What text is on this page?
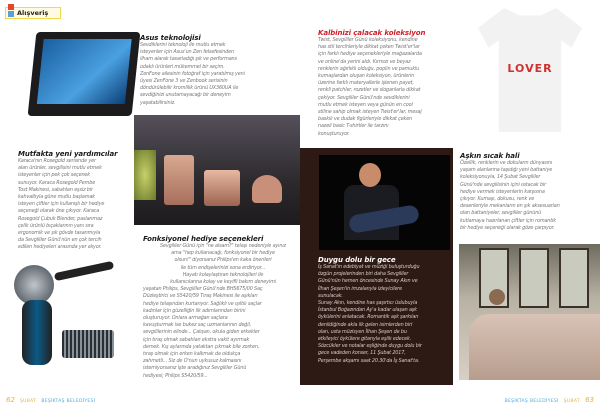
Alışveriş
Asus teknolojisi
Sevdiklerini teknoloji ile mutlu etmek
isteyenler için Asus'un Zen felsefesinden
ilham alarak tasarladığı şık ve performans
odaklı ürünleri mükemmel bir seçim.
ZenFone ailesinin fotoğraf için yaratılmış yeni
üyesi ZenFone 3 ve Zenbook serisinin
döndürülebilir kromlilik ürünü UX360UA ile
sevdiğinizi unutamayacağı bir deneyim
yaşatabilirsiniz.
Mutfakta yeni yardımcılar
Karaca'nın Rosegold serisinde yer
alan ürünler, sevgilisini mutlu etmek
isteyenler için pek çok seçenek
sunuyor. Karaca Rosegold Pembe
Tost Makinesi, sabahları eşsiz bir
kahvaltıyla güne mutlu başlamak
isteyen çiftler için kullanışlı bir hediye
seçeneği olarak öne çıkıyor. Karaca
Rosegold Çubuk Blender, paslanmaz
çelik ürünlü bıçaklarının yanı sıra
ergonomik ve şık gövde tasarımıyla
da Sevgililer Günü'nün en çok tercih
edilen hediyeleri arasında yer alıyor.
Fonksiyonel hediye seçenekleri
Sevgililer Günü için "ne alsam?" telaşı nedeniyle ayınız
ama "hep kullanacağı, fonksiyonel bir hediye
olsun!" diyorsanız Philips'en kaka önerileri
ile tüm endişelerinizi sona erdiriyor...
Hayatı kolaylaştıran teknolojileri ile
kullanıcılarına kolay ve keyifli bakım deneyimi
yaşatan Philips, Sevgililer Günü'nde BHS675/00 Saç
Düzleştirici ve S5420/59 Tıraş Makinesi ile aşıkları
hediye telaşından kurtarıyor. Sağlıklı ve ışıltılı saçlar
kadınlar için güzelliğin ilk adımlarından birini
oluşturuyor. Onlara armağan saçlara
kavuşturmak ise bukez saç uzmanlarının değil,
sevgililerinin elinde... Çalışan, okula giden erkekler
için tıraş olmak sabahları ekstra vakit ayırmak
demek. Kış aylarında yataktan çıkmak bile zorken,
tıraş olmak için erken kalkmak da oldukça
zahmetli... Siz de O'nun uykusuz kalmasını
istemiyorsanız işte aradığınız Sevgililer Günü
hediyesi; Philips S5420/59...
Kalbinizi çalacak koleksiyon
Twist, Sevgililer Günü koleksiyonu, kendine
has stil tercihleriyle dikkat çeken Twist'er'lar
için farklı hediye seçenekleriyle mağazalarda
ve online'da yerini aldı. Kırmızı ve beyaz
renklerin ağırlıklı olduğu, poplin ve pamuklu
kumaşlardan oluşan koleksiyon, ürünlerin
üzerine farklı materyallerle işlenen payet,
renkli patchler, rozetler ve sloganlarla dikkat
çekiyor. Sevgililer Günü'nde sevdiklerini
mutlu etmek isteyen veya günün en cool
stiline sahip olmak isteyen Twist'er'lar, mesaj
baskılı ve dudak figürleriyle dikkat çeken
nazeli basic T-shirtler ile tarzını
konuşturuyor.
LOVER
Duygu dolu bir gece
İş Sanat'ın edebiyat ve müziği buluşturduğu
özgün projelerinden biri daha Sevgililer
Günü'nün hemen öncesinde Sunay Akın ve
İlhan Şeşen'in imzalarıyla izleyicilere
sunulacak.
Sunay Akın, kendine has şaşırtıcı üslubuyla
İstanbul Boğazından Ay'a kadar ulaşan aşk
öykülerini anlatacak. Romantik aşk şarkıları
denildiğinde akla ilk gelen isimlerden biri
olan, usta müzisyen İlhan Şeşen de bu
etkileyici öykülere gitarıyla eşlik edecek.
Sözcükler ve notalar eşliğinde duygu dolu bir
gece vadeden konser, 11 Şubat 2017,
Perşembe akşamı saat 20.30'da İş Sanat'ta.
Aşkın sıcak hali
Özellik, renklerin ve dokuların dünyasını
yaşam alanlarına taşıdığı yeni battaniye
koleksiyonuyla, 14 Şubat Sevgililer
Günü'nde sevgilisinin içini ısıtacak bir
hediye vermek isteyenlerin karşısına
çıkıyor. Kumaşı, dokusu, renk ve
desenleriyle mekanların en şık aksesuarları
olan battaniyeler, sevgililer gününü
kutlamaya hazırlanan çiftler için romantik
bir hediye seçeneği olarak göze çarpıyor.
62 ŞUBAT BEŞİKTAŞ BELEDİYESİ	BEŞİKTAŞ BELEDİYESİ ŞUBAT 63
